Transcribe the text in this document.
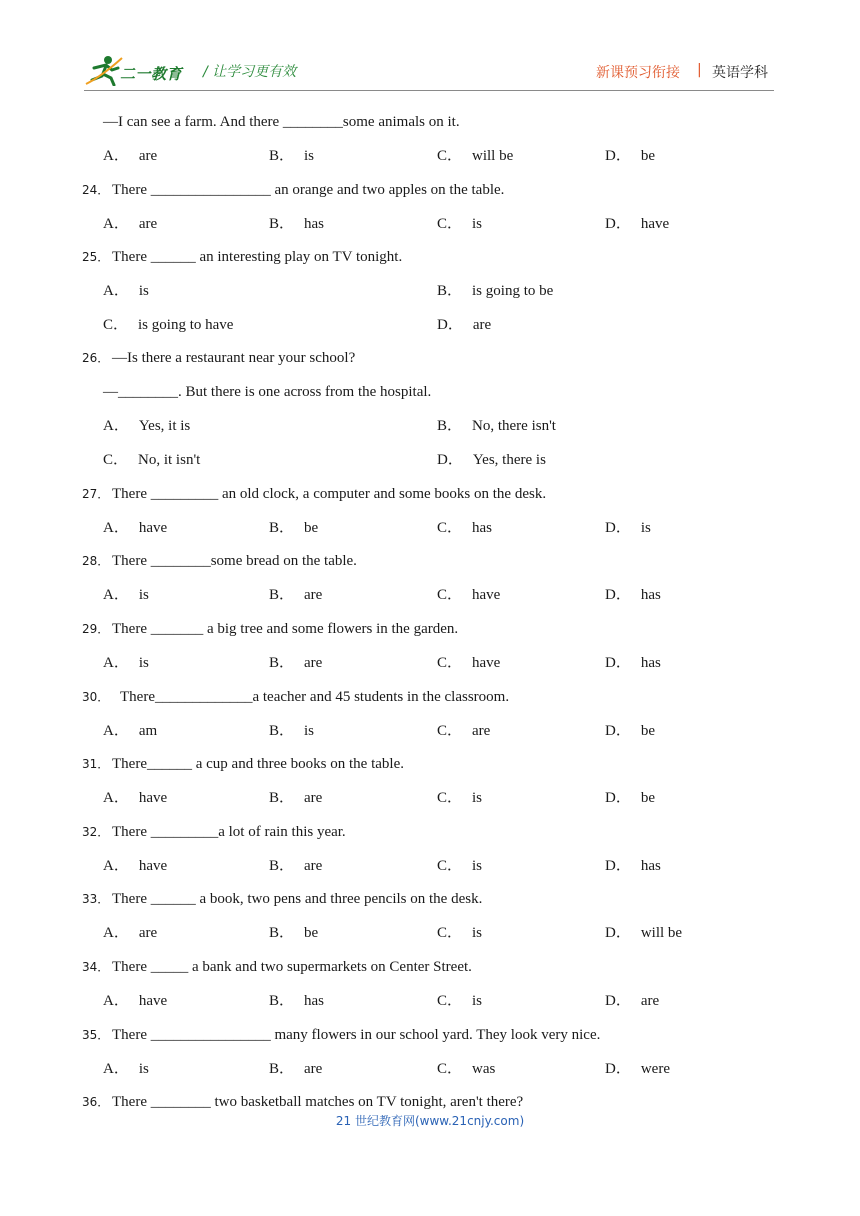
二一教育 / 让学习更有效	新课预习衔接 | 英语学科
—I can see a farm. And there ________some animals on it.
A． are	B． is	C． will be	D． be
24． There ________________ an orange and two apples on the table.
A． are	B． has	C． is	D． have
25． There ______ an interesting play on TV tonight.
A． is	B． is going to be
C． is going to have	D． are
26． —Is there a restaurant near your school?
—________. But there is one across from the hospital.
A． Yes, it is	B． No, there isn't
C． No, it isn't	D． Yes, there is
27． There _________ an old clock, a computer and some books on the desk.
A． have	B． be	C． has	D． is
28． There ________some bread on the table.
A． is	B． are	C． have	D． has
29． There _______ a big tree and some flowers in the garden.
A． is	B． are	C． have	D． has
30． There_____________a teacher and 45 students in the classroom.
A． am	B． is	C． are	D． be
31． There______ a cup and three books on the table.
A． have	B． are	C． is	D． be
32． There _________a lot of rain this year.
A． have	B． are	C． is	D． has
33． There ______ a book, two pens and three pencils on the desk.
A． are	B． be	C． is	D． will be
34． There _____ a bank and two supermarkets on Center Street.
A． have	B． has	C． is	D． are
35． There ________________ many flowers in our school yard. They look very nice.
A． is	B． are	C． was	D． were
36． There ________ two basketball matches on TV tonight, aren't there?
21 世纪教育网(www.21cnjy.com)
